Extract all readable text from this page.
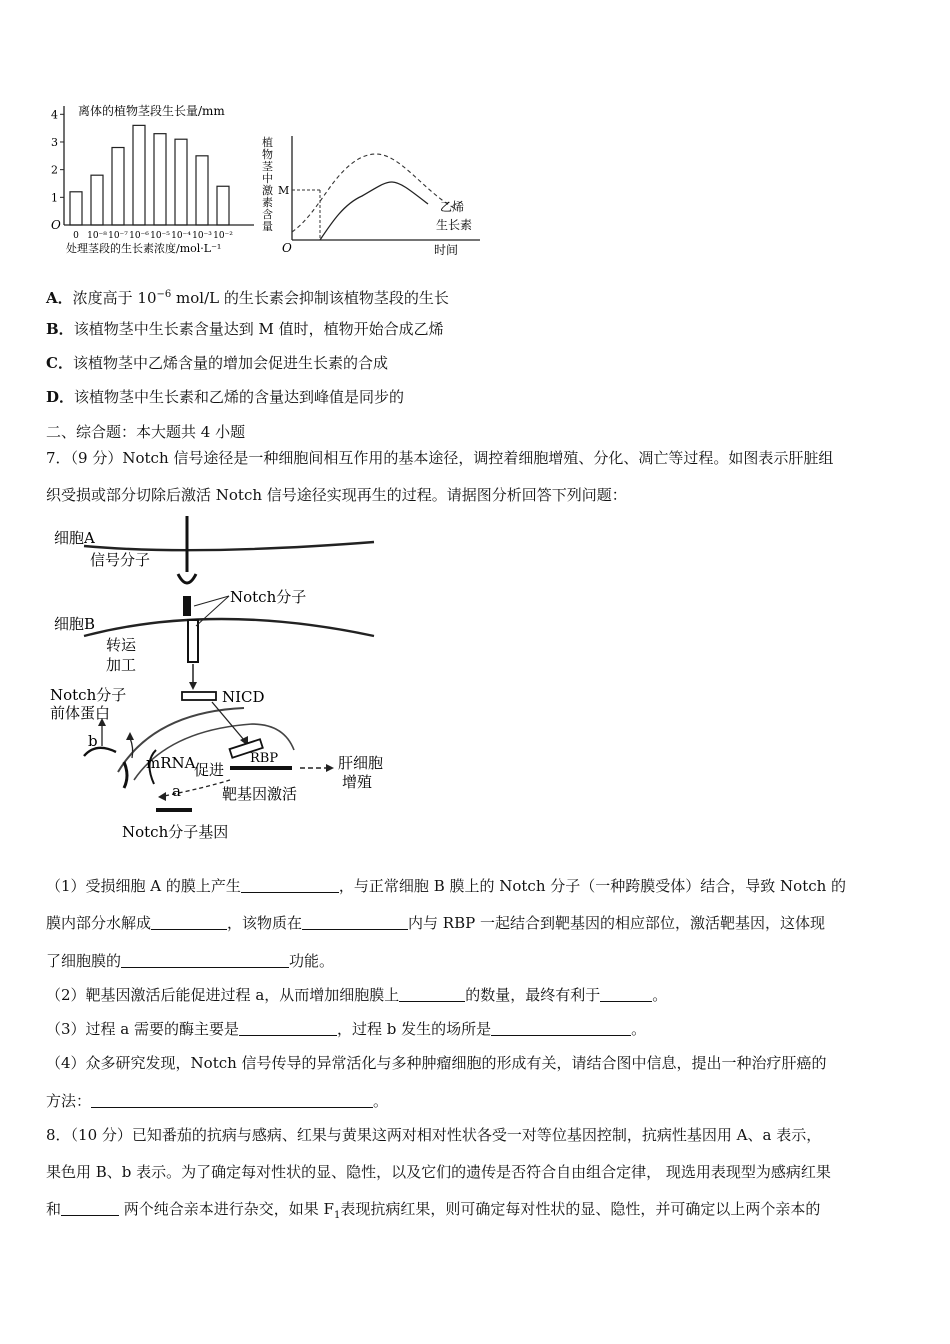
1
2
3
4
0 10⁻⁸ 10⁻⁷ 10⁻⁶ 10⁻⁵ 10⁻⁴ 10⁻³ 10⁻²
离体的植物茎段生长量/mm
O
处理茎段的生长素浓度/mol·L⁻¹
植
物
茎
中
激
素
含
量
M
乙烯
生长素
O	时间
A．浓度高于 $10^{-6}$ mol/L 的生长素会抑制该植物茎段的生长
B．该植物茎中生长素含量达到 M 值时，植物开始合成乙烯
C．该植物茎中乙烯含量的增加会促进生长素的合成
D．该植物茎中生长素和乙烯的含量达到峰值是同步的
二、综合题：本大题共 4 小题
7．（9 分）Notch 信号途径是一种细胞间相互作用的基本途径，调控着细胞增殖、分化、凋亡等过程。如图表示肝脏组
织受损或部分切除后激活 Notch 信号途径实现再生的过程。请据图分析回答下列问题：
细胞A
信号分子
Notch分子
细胞B
转运
加工
Notch分子
前体蛋白
NICD
b
mRNA
促进
RBP	肝细胞
增殖
a	靶基因激活
Notch分子基因
（1）受损细胞 A 的膜上产生	，与正常细胞 B 膜上的 Notch 分子（一种跨膜受体）结合，导致 Notch 的
膜内部分水解成	，该物质在	内与 RBP 一起结合到靶基因的相应部位，激活靶基因，这体现
了细胞膜的	功能。
（2）靶基因激活后能促进过程 a，从而增加细胞膜上	的数量，最终有利于	。
（3）过程 a 需要的酶主要是	，过程 b 发生的场所是	。
（4）众多研究发现，Notch 信号传导的异常活化与多种肿瘤细胞的形成有关，请结合图中信息，提出一种治疗肝癌的
方法：	。
8．（10 分）已知番茄的抗病与感病、红果与黄果这两对相对性状各受一对等位基因控制，抗病性基因用 A、a 表示，
果色用 B、b 表示。为了确定每对性状的显、隐性，以及它们的遗传是否符合自由组合定律， 现选用表现型为感病红果
和	两个纯合亲本进行杂交，如果 $F_1$表现抗病红果，则可确定每对性状的显、隐性，并可确定以上两个亲本的
